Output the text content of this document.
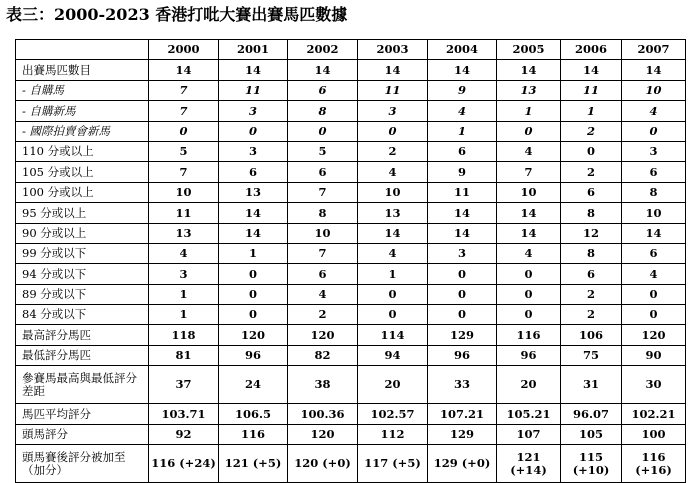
表三：2000-2023 香港打吡大賽出賽馬匹數據
	2000	2001	2002	2003	2004	2005	2006	2007
出賽馬匹數目	14	14	14	14	14	14	14	14
- 自購馬	7	11	6	11	9	13	11	10
- 自購新馬	7	3	8	3	4	1	1	4
- 國際拍賣會新馬	0	0	0	0	1	0	2	0
110 分或以上	5	3	5	2	6	4	0	3
105 分或以上	7	6	6	4	9	7	2	6
100 分或以上	10	13	7	10	11	10	6	8
95 分或以上	11	14	8	13	14	14	8	10
90 分或以上	13	14	10	14	14	14	12	14
99 分或以下	4	1	7	4	3	4	8	6
94 分或以下	3	0	6	1	0	0	6	4
89 分或以下	1	0	4	0	0	0	2	0
84 分或以下	1	0	2	0	0	0	2	0
最高評分馬匹	118	120	120	114	129	116	106	120
最低評分馬匹	81	96	82	94	96	96	75	90
參賽馬最高與最低評分差距	37	24	38	20	33	20	31	30
馬匹平均評分	103.71	106.5	100.36	102.57	107.21	105.21	96.07	102.21
頭馬評分	92	116	120	112	129	107	105	100
頭馬賽後評分被加至（加分）	116 (+24)	121 (+5)	120 (+0)	117 (+5)	129 (+0)	121 (+14)	115 (+10)	116 (+16)
